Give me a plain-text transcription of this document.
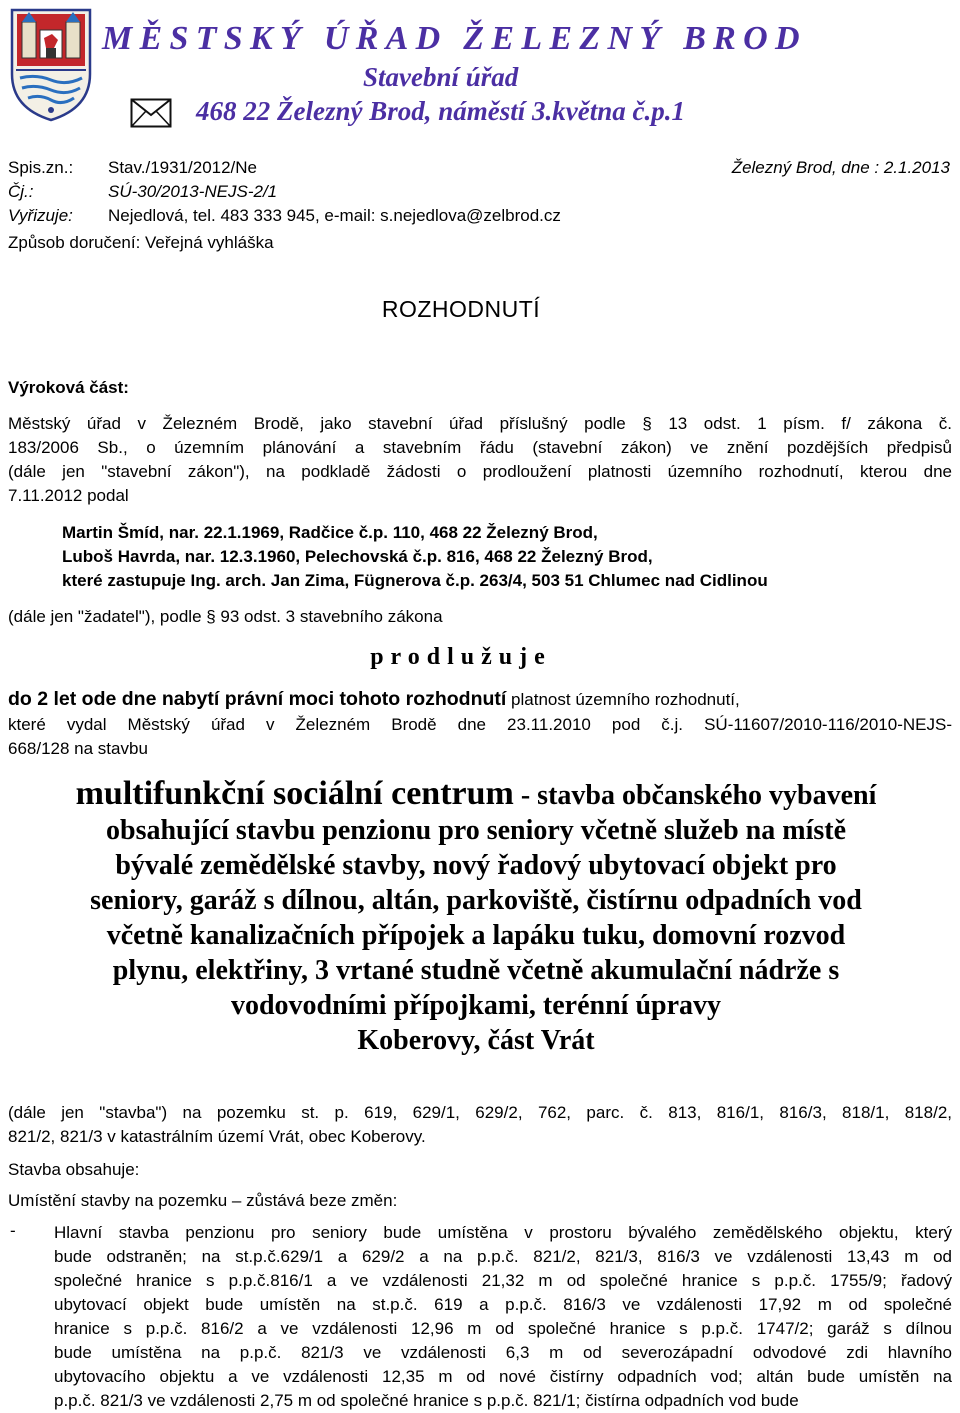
MĚSTSKÝ ÚŘAD ŽELEZNÝ BROD
Stavební úřad
468 22 Železný Brod, náměstí 3.května č.p.1
Spis.zn.: Stav./1931/2012/Ne	Železný Brod, dne : 2.1.2013
Čj.:	SÚ-30/2013-NEJS-2/1
Vyřizuje: Nejedlová, tel. 483 333 945, e-mail: s.nejedlova@zelbrod.cz
Způsob doručení: Veřejná vyhláška
ROZHODNUTÍ
Výroková část:
Městský úřad v Železném Brodě, jako stavební úřad příslušný podle § 13 odst. 1 písm. f/ zákona č.
183/2006 Sb., o územním plánování a stavebním řádu (stavební zákon) ve znění pozdějších předpisů
(dále jen "stavební zákon"), na podkladě žádosti o prodloužení platnosti územního rozhodnutí, kterou dne
7.11.2012 podal
Martin Šmíd, nar. 22.1.1969, Radčice č.p. 110, 468 22 Železný Brod,
Luboš Havrda, nar. 12.3.1960, Pelechovská č.p. 816, 468 22 Železný Brod,
které zastupuje Ing. arch. Jan Zima, Fügnerova č.p. 263/4, 503 51 Chlumec nad Cidlinou
(dále jen "žadatel"), podle § 93 odst. 3 stavebního zákona
prodlužuje
do 2 let ode dne nabytí právní moci tohoto rozhodnutí platnost územního rozhodnutí,
které vydal Městský úřad v Železném Brodě dne 23.11.2010 pod č.j. SÚ-11607/2010-116/2010-NEJS-
668/128 na stavbu
multifunkční sociální centrum - stavba občanského vybavení
obsahující stavbu penzionu pro seniory včetně služeb na místě
bývalé zemědělské stavby, nový řadový ubytovací objekt pro
seniory, garáž s dílnou, altán, parkoviště, čistírnu odpadních vod
včetně kanalizačních přípojek a lapáku tuku, domovní rozvod
plynu, elektřiny, 3 vrtané studně včetně akumulační nádrže s
vodovodními přípojkami, terénní úpravy
Koberovy, část Vrát
(dále jen "stavba") na pozemku st. p. 619, 629/1, 629/2, 762, parc. č. 813, 816/1, 816/3, 818/1, 818/2,
821/2, 821/3 v katastrálním území Vrát, obec Koberovy.
Stavba obsahuje:
Umístění stavby na pozemku – zůstává beze změn:
- Hlavní stavba penzionu pro seniory bude umístěna v prostoru bývalého zemědělského objektu, který
bude odstraněn; na st.p.č.629/1 a 629/2 a na p.p.č. 821/2, 821/3, 816/3 ve vzdálenosti 13,43 m od
společné hranice s p.p.č.816/1 a ve vzdálenosti 21,32 m od společné hranice s p.p.č. 1755/9; řadový
ubytovací objekt bude umístěn na st.p.č. 619 a p.p.č. 816/3 ve vzdálenosti 17,92 m od společné
hranice s p.p.č. 816/2 a ve vzdálenosti 12,96 m od společné hranice s p.p.č. 1747/2; garáž s dílnou
bude umístěna na p.p.č. 821/3 ve vzdálenosti 6,3 m od severozápadní odvodové zdi hlavního
ubytovacího objektu a ve vzdálenosti 12,35 m od nové čistírny odpadních vod; altán bude umístěn na
p.p.č. 821/3 ve vzdálenosti 2,75 m od společné hranice s p.p.č. 821/1; čistírna odpadních vod bude
